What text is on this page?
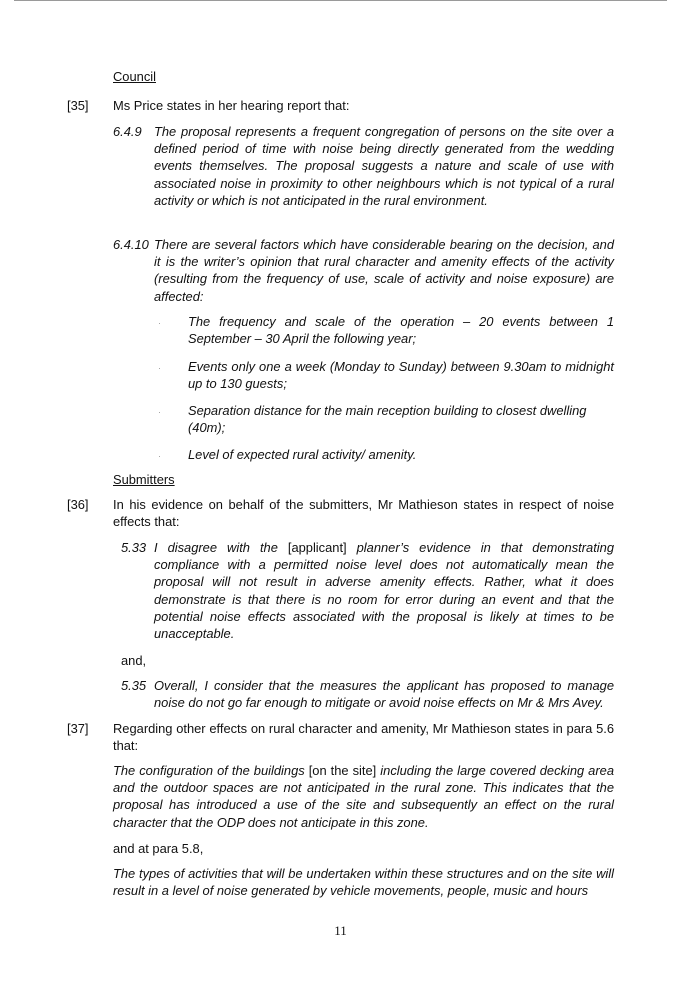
Council
[35] Ms Price states in her hearing report that:
6.4.9 The proposal represents a frequent congregation of persons on the site over a defined period of time with noise being directly generated from the wedding events themselves. The proposal suggests a nature and scale of use with associated noise in proximity to other neighbours which is not typical of a rural activity or which is not anticipated in the rural environment.
6.4.10 There are several factors which have considerable bearing on the decision, and it is the writer’s opinion that rural character and amenity effects of the activity (resulting from the frequency of use, scale of activity and noise exposure) are affected:
· The frequency and scale of the operation – 20 events between 1 September – 30 April the following year;
· Events only one a week (Monday to Sunday) between 9.30am to midnight up to 130 guests;
· Separation distance for the main reception building to closest dwelling (40m);
· Level of expected rural activity/ amenity.
Submitters
[36] In his evidence on behalf of the submitters, Mr Mathieson states in respect of noise effects that:
5.33 I disagree with the [applicant] planner’s evidence in that demonstrating compliance with a permitted noise level does not automatically mean the proposal will not result in adverse amenity effects. Rather, what it does demonstrate is that there is no room for error during an event and that the potential noise effects associated with the proposal is likely at times to be unacceptable.
and,
5.35 Overall, I consider that the measures the applicant has proposed to manage noise do not go far enough to mitigate or avoid noise effects on Mr & Mrs Avey.
[37] Regarding other effects on rural character and amenity, Mr Mathieson states in para 5.6 that:
The configuration of the buildings [on the site] including the large covered decking area and the outdoor spaces are not anticipated in the rural zone. This indicates that the proposal has introduced a use of the site and subsequently an effect on the rural character that the ODP does not anticipate in this zone.
and at para 5.8,
The types of activities that will be undertaken within these structures and on the site will result in a level of noise generated by vehicle movements, people, music and hours
11
